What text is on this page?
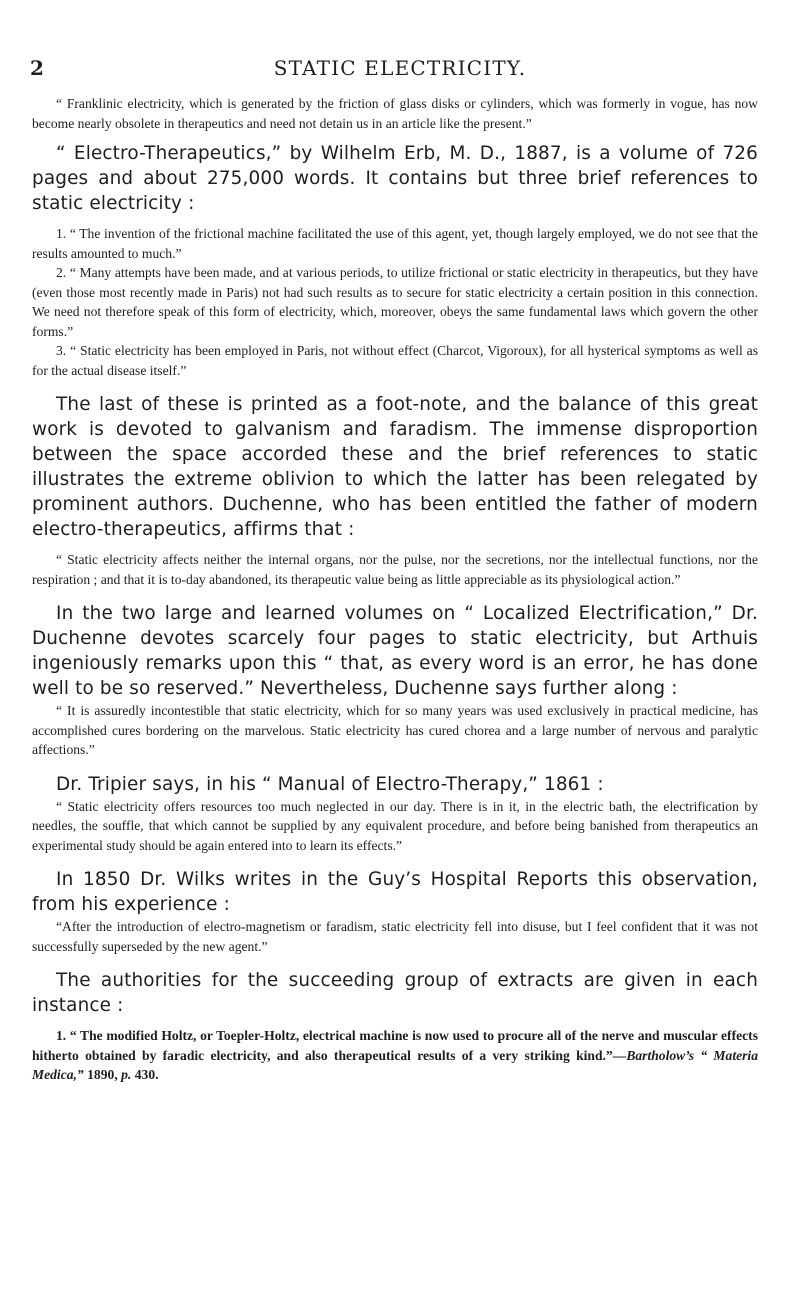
2	STATIC ELECTRICITY.

“ Franklinic electricity, which is generated by the friction of glass disks or cylinders, which was formerly in vogue, has now become nearly obsolete in therapeutics and need not detain us in an article like the present.”

“ Electro-Therapeutics,” by Wilhelm Erb, M. D., 1887, is a volume of 726 pages and about 275,000 words. It contains but three brief references to static electricity :

1. “ The invention of the frictional machine facilitated the use of this agent, yet, though largely employed, we do not see that the results amounted to much.”

2. “ Many attempts have been made, and at various periods, to utilize frictional or static electricity in therapeutics, but they have (even those most recently made in Paris) not had such results as to secure for static electricity a certain position in this connection. We need not therefore speak of this form of electricity, which, moreover, obeys the same fundamental laws which govern the other forms.”

3. “ Static electricity has been employed in Paris, not without effect (Charcot, Vigoroux), for all hysterical symptoms as well as for the actual disease itself.”

The last of these is printed as a foot-note, and the balance of this great work is devoted to galvanism and faradism. The immense disproportion between the space accorded these and the brief references to static illustrates the extreme oblivion to which the latter has been relegated by prominent authors. Duchenne, who has been entitled the father of modern electro-therapeutics, affirms that :

“ Static electricity affects neither the internal organs, nor the pulse, nor the secretions, nor the intellectual functions, nor the respiration ; and that it is to-day abandoned, its therapeutic value being as little appreciable as its physiological action.”

In the two large and learned volumes on “ Localized Electrification,” Dr. Duchenne devotes scarcely four pages to static electricity, but Arthuis ingeniously remarks upon this “ that, as every word is an error, he has done well to be so reserved.” Nevertheless, Duchenne says further along :

“ It is assuredly incontestible that static electricity, which for so many years was used exclusively in practical medicine, has accomplished cures bordering on the marvelous. Static electricity has cured chorea and a large number of nervous and paralytic affections.”

Dr. Tripier says, in his “ Manual of Electro-Therapy,” 1861 :

“ Static electricity offers resources too much neglected in our day. There is in it, in the electric bath, the electrification by needles, the souffle, that which cannot be supplied by any equivalent procedure, and before being banished from therapeutics an experimental study should be again entered into to learn its effects.”

In 1850 Dr. Wilks writes in the Guy’s Hospital Reports this observation, from his experience :

“After the introduction of electro-magnetism or faradism, static electricity fell into disuse, but I feel confident that it was not successfully superseded by the new agent.”

The authorities for the succeeding group of extracts are given in each instance :

1. “ The modified Holtz, or Toepler-Holtz, electrical machine is now used to procure all of the nerve and muscular effects hitherto obtained by faradic electricity, and also therapeutical results of a very striking kind.”—Bartholow’s “ Materia Medica,” 1890, p. 430.
